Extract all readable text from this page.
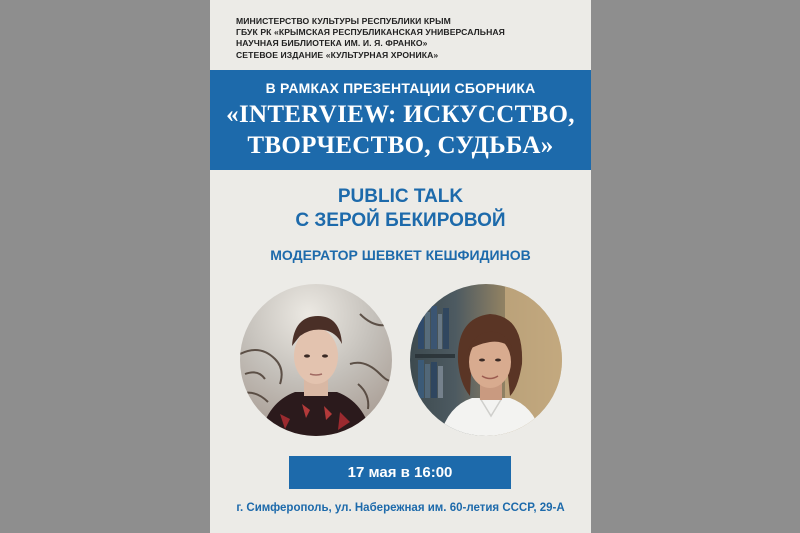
МИНИСТЕРСТВО КУЛЬТУРЫ РЕСПУБЛИКИ КРЫМ
ГБУК РК «КРЫМСКАЯ РЕСПУБЛИКАНСКАЯ УНИВЕРСАЛЬНАЯ
НАУЧНАЯ БИБЛИОТЕКА ИМ. И. Я. ФРАНКО»
СЕТЕВОЕ ИЗДАНИЕ «КУЛЬТУРНАЯ ХРОНИКА»
В РАМКАХ ПРЕЗЕНТАЦИИ СБОРНИКА
«INTERVIEW: ИСКУССТВО,
ТВОРЧЕСТВО, СУДЬБА»
PUBLIC TALK
С ЗЕРОЙ БЕКИРОВОЙ
МОДЕРАТОР ШЕВКЕТ КЕШФИДИНОВ
17 мая в 16:00
г. Симферополь, ул. Набережная им. 60-летия СССР, 29-А
